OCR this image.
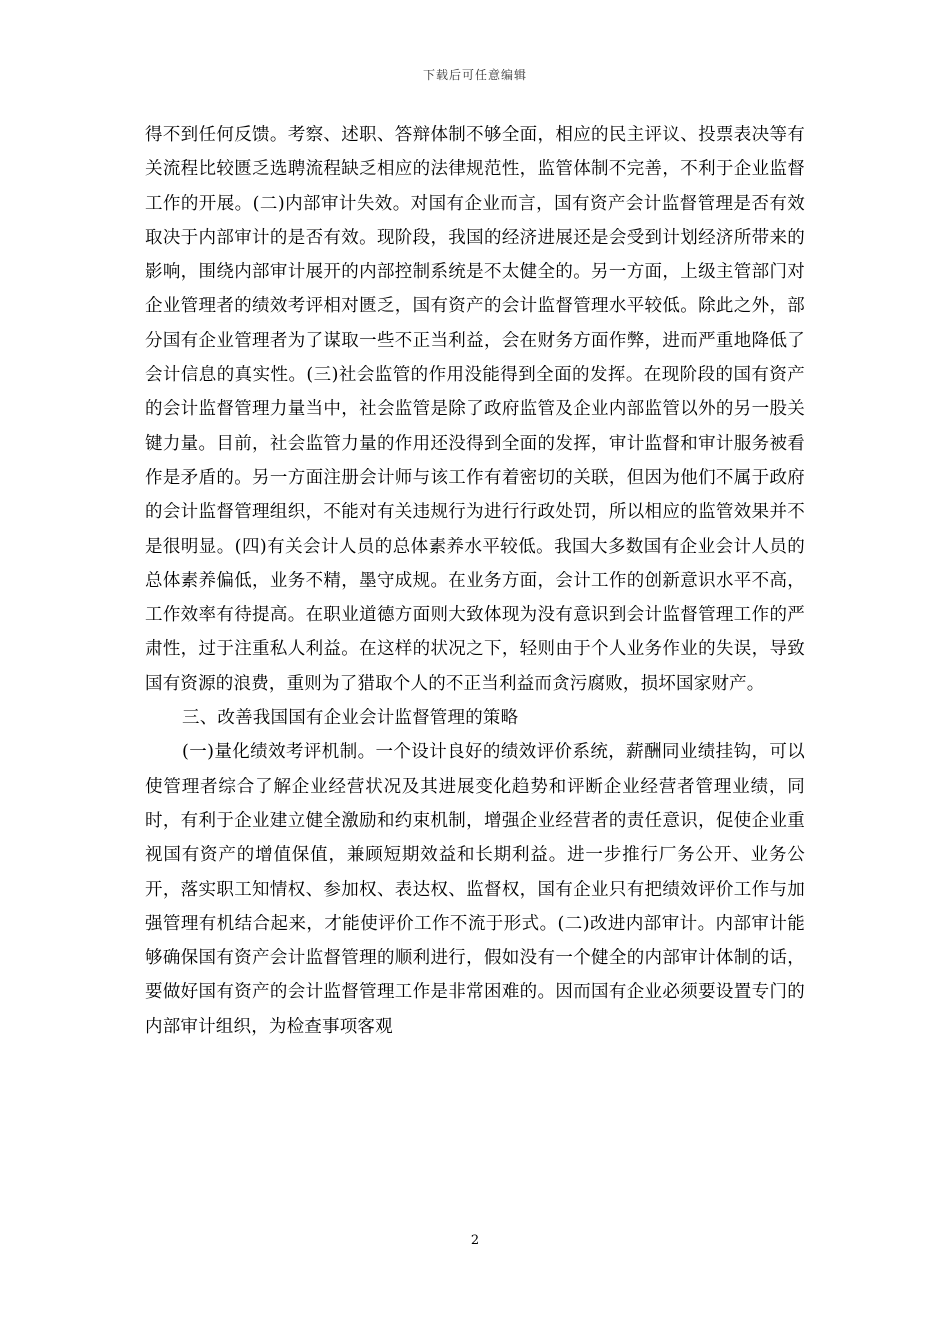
下载后可任意编辑

得不到任何反馈。考察、述职、答辩体制不够全面，相应的民主评议、投票表决等有关流程比较匮乏选聘流程缺乏相应的法律规范性，监管体制不完善，不利于企业监督工作的开展。(二)内部审计失效。对国有企业而言，国有资产会计监督管理是否有效取决于内部审计的是否有效。现阶段，我国的经济进展还是会受到计划经济所带来的影响，围绕内部审计展开的内部控制系统是不太健全的。另一方面，上级主管部门对企业管理者的绩效考评相对匮乏，国有资产的会计监督管理水平较低。除此之外，部分国有企业管理者为了谋取一些不正当利益，会在财务方面作弊，进而严重地降低了会计信息的真实性。(三)社会监管的作用没能得到全面的发挥。在现阶段的国有资产的会计监督管理力量当中，社会监管是除了政府监管及企业内部监管以外的另一股关键力量。目前，社会监管力量的作用还没得到全面的发挥，审计监督和审计服务被看作是矛盾的。另一方面注册会计师与该工作有着密切的关联，但因为他们不属于政府的会计监督管理组织，不能对有关违规行为进行行政处罚，所以相应的监管效果并不是很明显。(四)有关会计人员的总体素养水平较低。我国大多数国有企业会计人员的总体素养偏低，业务不精，墨守成规。在业务方面，会计工作的创新意识水平不高，工作效率有待提高。在职业道德方面则大致体现为没有意识到会计监督管理工作的严肃性，过于注重私人利益。在这样的状况之下，轻则由于个人业务作业的失误，导致国有资源的浪费，重则为了猎取个人的不正当利益而贪污腐败，损坏国家财产。

三、改善我国国有企业会计监督管理的策略

(一)量化绩效考评机制。一个设计良好的绩效评价系统，薪酬同业绩挂钩，可以使管理者综合了解企业经营状况及其进展变化趋势和评断企业经营者管理业绩，同时，有利于企业建立健全激励和约束机制，增强企业经营者的责任意识，促使企业重视国有资产的增值保值，兼顾短期效益和长期利益。进一步推行厂务公开、业务公开，落实职工知情权、参加权、表达权、监督权，国有企业只有把绩效评价工作与加强管理有机结合起来，才能使评价工作不流于形式。(二)改进内部审计。内部审计能够确保国有资产会计监督管理的顺利进行，假如没有一个健全的内部审计体制的话，要做好国有资产的会计监督管理工作是非常困难的。因而国有企业必须要设置专门的内部审计组织，为检查事项客观

2
